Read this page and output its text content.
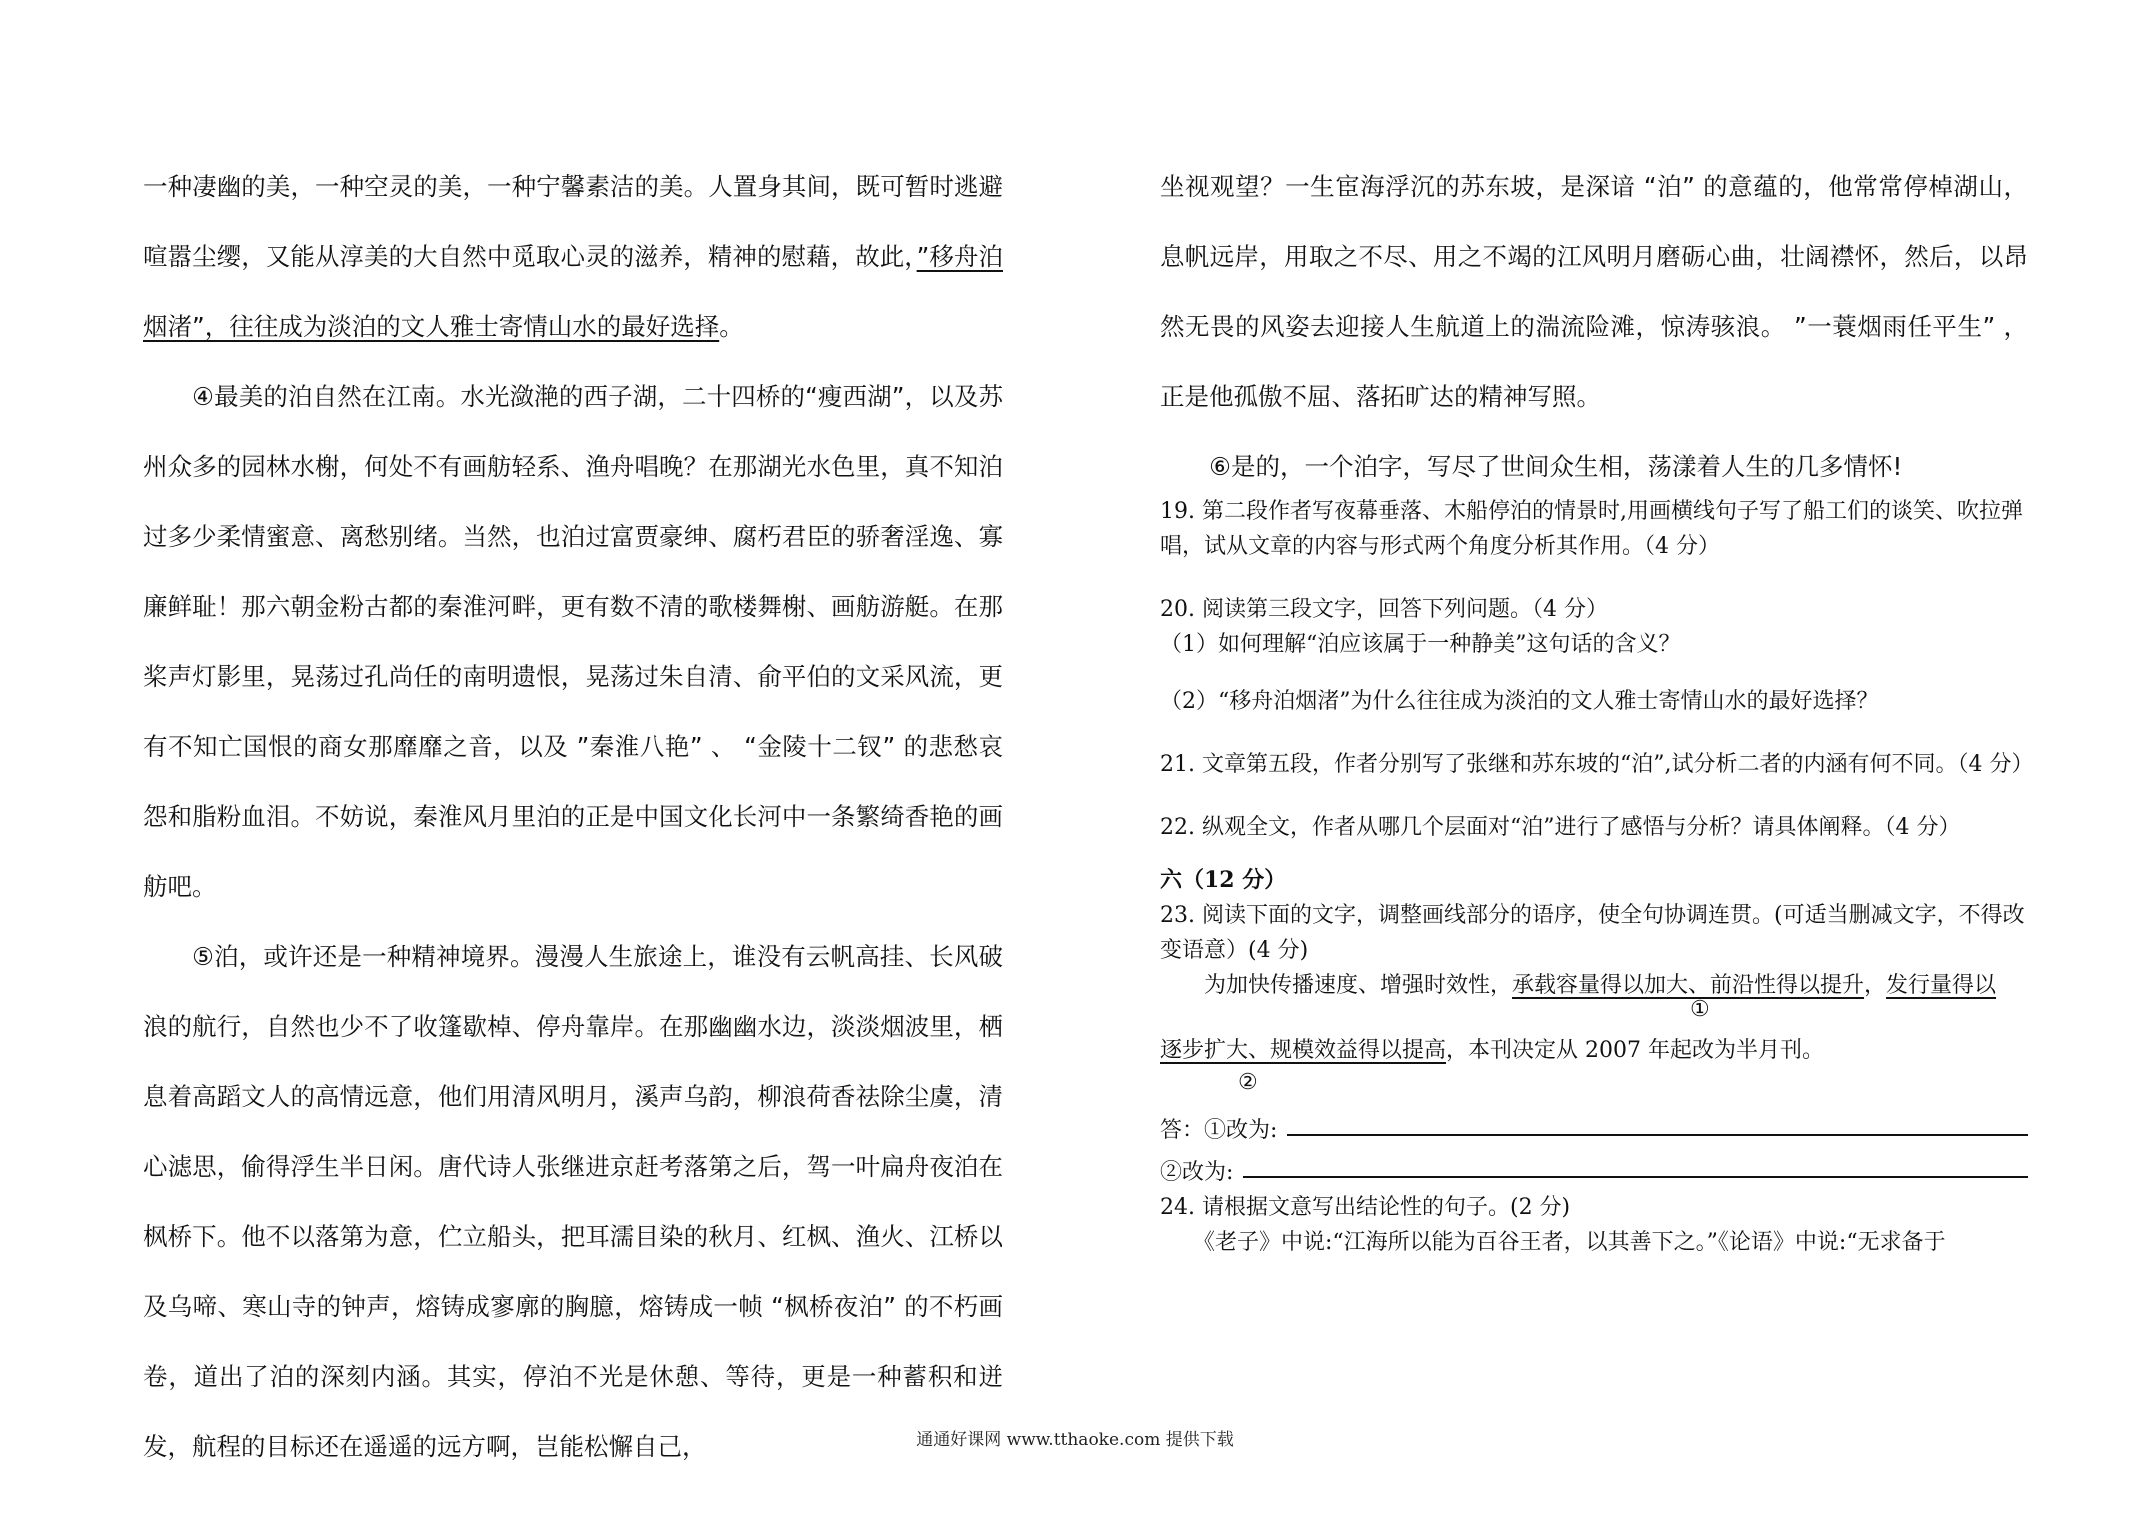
一种凄幽的美，一种空灵的美，一种宁馨素洁的美。人置身其间，既可暂时逃避喧嚣尘缨，又能从淳美的大自然中觅取心灵的滋养，精神的慰藉，故此，”移舟泊烟渚”，往往成为淡泊的文人雅士寄情山水的最好选择。

④最美的泊自然在江南。水光潋滟的西子湖，二十四桥的“瘦西湖”，以及苏州众多的园林水榭，何处不有画舫轻系、渔舟唱晚？在那湖光水色里，真不知泊过多少柔情蜜意、离愁别绪。当然，也泊过富贾豪绅、腐朽君臣的骄奢淫逸、寡廉鲜耻！那六朝金粉古都的秦淮河畔，更有数不清的歌楼舞榭、画舫游艇。在那桨声灯影里，晃荡过孔尚任的南明遗恨，晃荡过朱自清、俞平伯的文采风流，更有不知亡国恨的商女那靡靡之音，以及 ”秦淮八艳” 、 “金陵十二钗” 的悲愁哀怨和脂粉血泪。不妨说，秦淮风月里泊的正是中国文化长河中一条繁绮香艳的画舫吧。

⑤泊，或许还是一种精神境界。漫漫人生旅途上，谁没有云帆高挂、长风破浪的航行，自然也少不了收篷歇棹、停舟靠岸。在那幽幽水边，淡淡烟波里，栖息着高蹈文人的高情远意，他们用清风明月，溪声乌韵，柳浪荷香祛除尘虞，清心滤思，偷得浮生半日闲。唐代诗人张继进京赶考落第之后，驾一叶扁舟夜泊在枫桥下。他不以落第为意，伫立船头，把耳濡目染的秋月、红枫、渔火、江桥以及乌啼、寒山寺的钟声，熔铸成寥廓的胸臆，熔铸成一帧 “枫桥夜泊” 的不朽画卷，道出了泊的深刻内涵。其实，停泊不光是休憩、等待，更是一种蓄积和迸发，航程的目标还在遥遥的远方啊，岂能松懈自己，

坐视观望？一生宦海浮沉的苏东坡，是深谙 “泊” 的意蕴的，他常常停棹湖山，息帆远岸，用取之不尽、用之不竭的江风明月磨砺心曲，壮阔襟怀，然后，以昂然无畏的风姿去迎接人生航道上的湍流险滩，惊涛骇浪。 ”一蓑烟雨任平生” ，正是他孤傲不屈、落拓旷达的精神写照。

⑥是的，一个泊字，写尽了世间众生相，荡漾着人生的几多情怀!

19. 第二段作者写夜幕垂落、木船停泊的情景时,用画横线句子写了船工们的谈笑、吹拉弹唱，试从文章的内容与形式两个角度分析其作用。（4 分）

20. 阅读第三段文字，回答下列问题。（4 分）

（1）如何理解“泊应该属于一种静美”这句话的含义？

（2）“移舟泊烟渚”为什么往往成为淡泊的文人雅士寄情山水的最好选择？

21. 文章第五段，作者分别写了张继和苏东坡的“泊”,试分析二者的内涵有何不同。（4 分）

22. 纵观全文，作者从哪几个层面对“泊”进行了感悟与分析？请具体阐释。（4 分）

六（12 分）

23. 阅读下面的文字，调整画线部分的语序，使全句协调连贯。(可适当删减文字，不得改变语意）(4 分)

为加快传播速度、增强时效性，承载容量得以加大、前沿性得以提升，发行量得以

①

逐步扩大、规模效益得以提高，本刊决定从 2007 年起改为半月刊。

②
答：①改为:
②改为:

24. 请根据文意写出结论性的句子。(2 分)

《老子》中说:“江海所以能为百谷王者，以其善下之。”《论语》中说:“无求备于

通通好课网 www.tthaoke.com 提供下载
